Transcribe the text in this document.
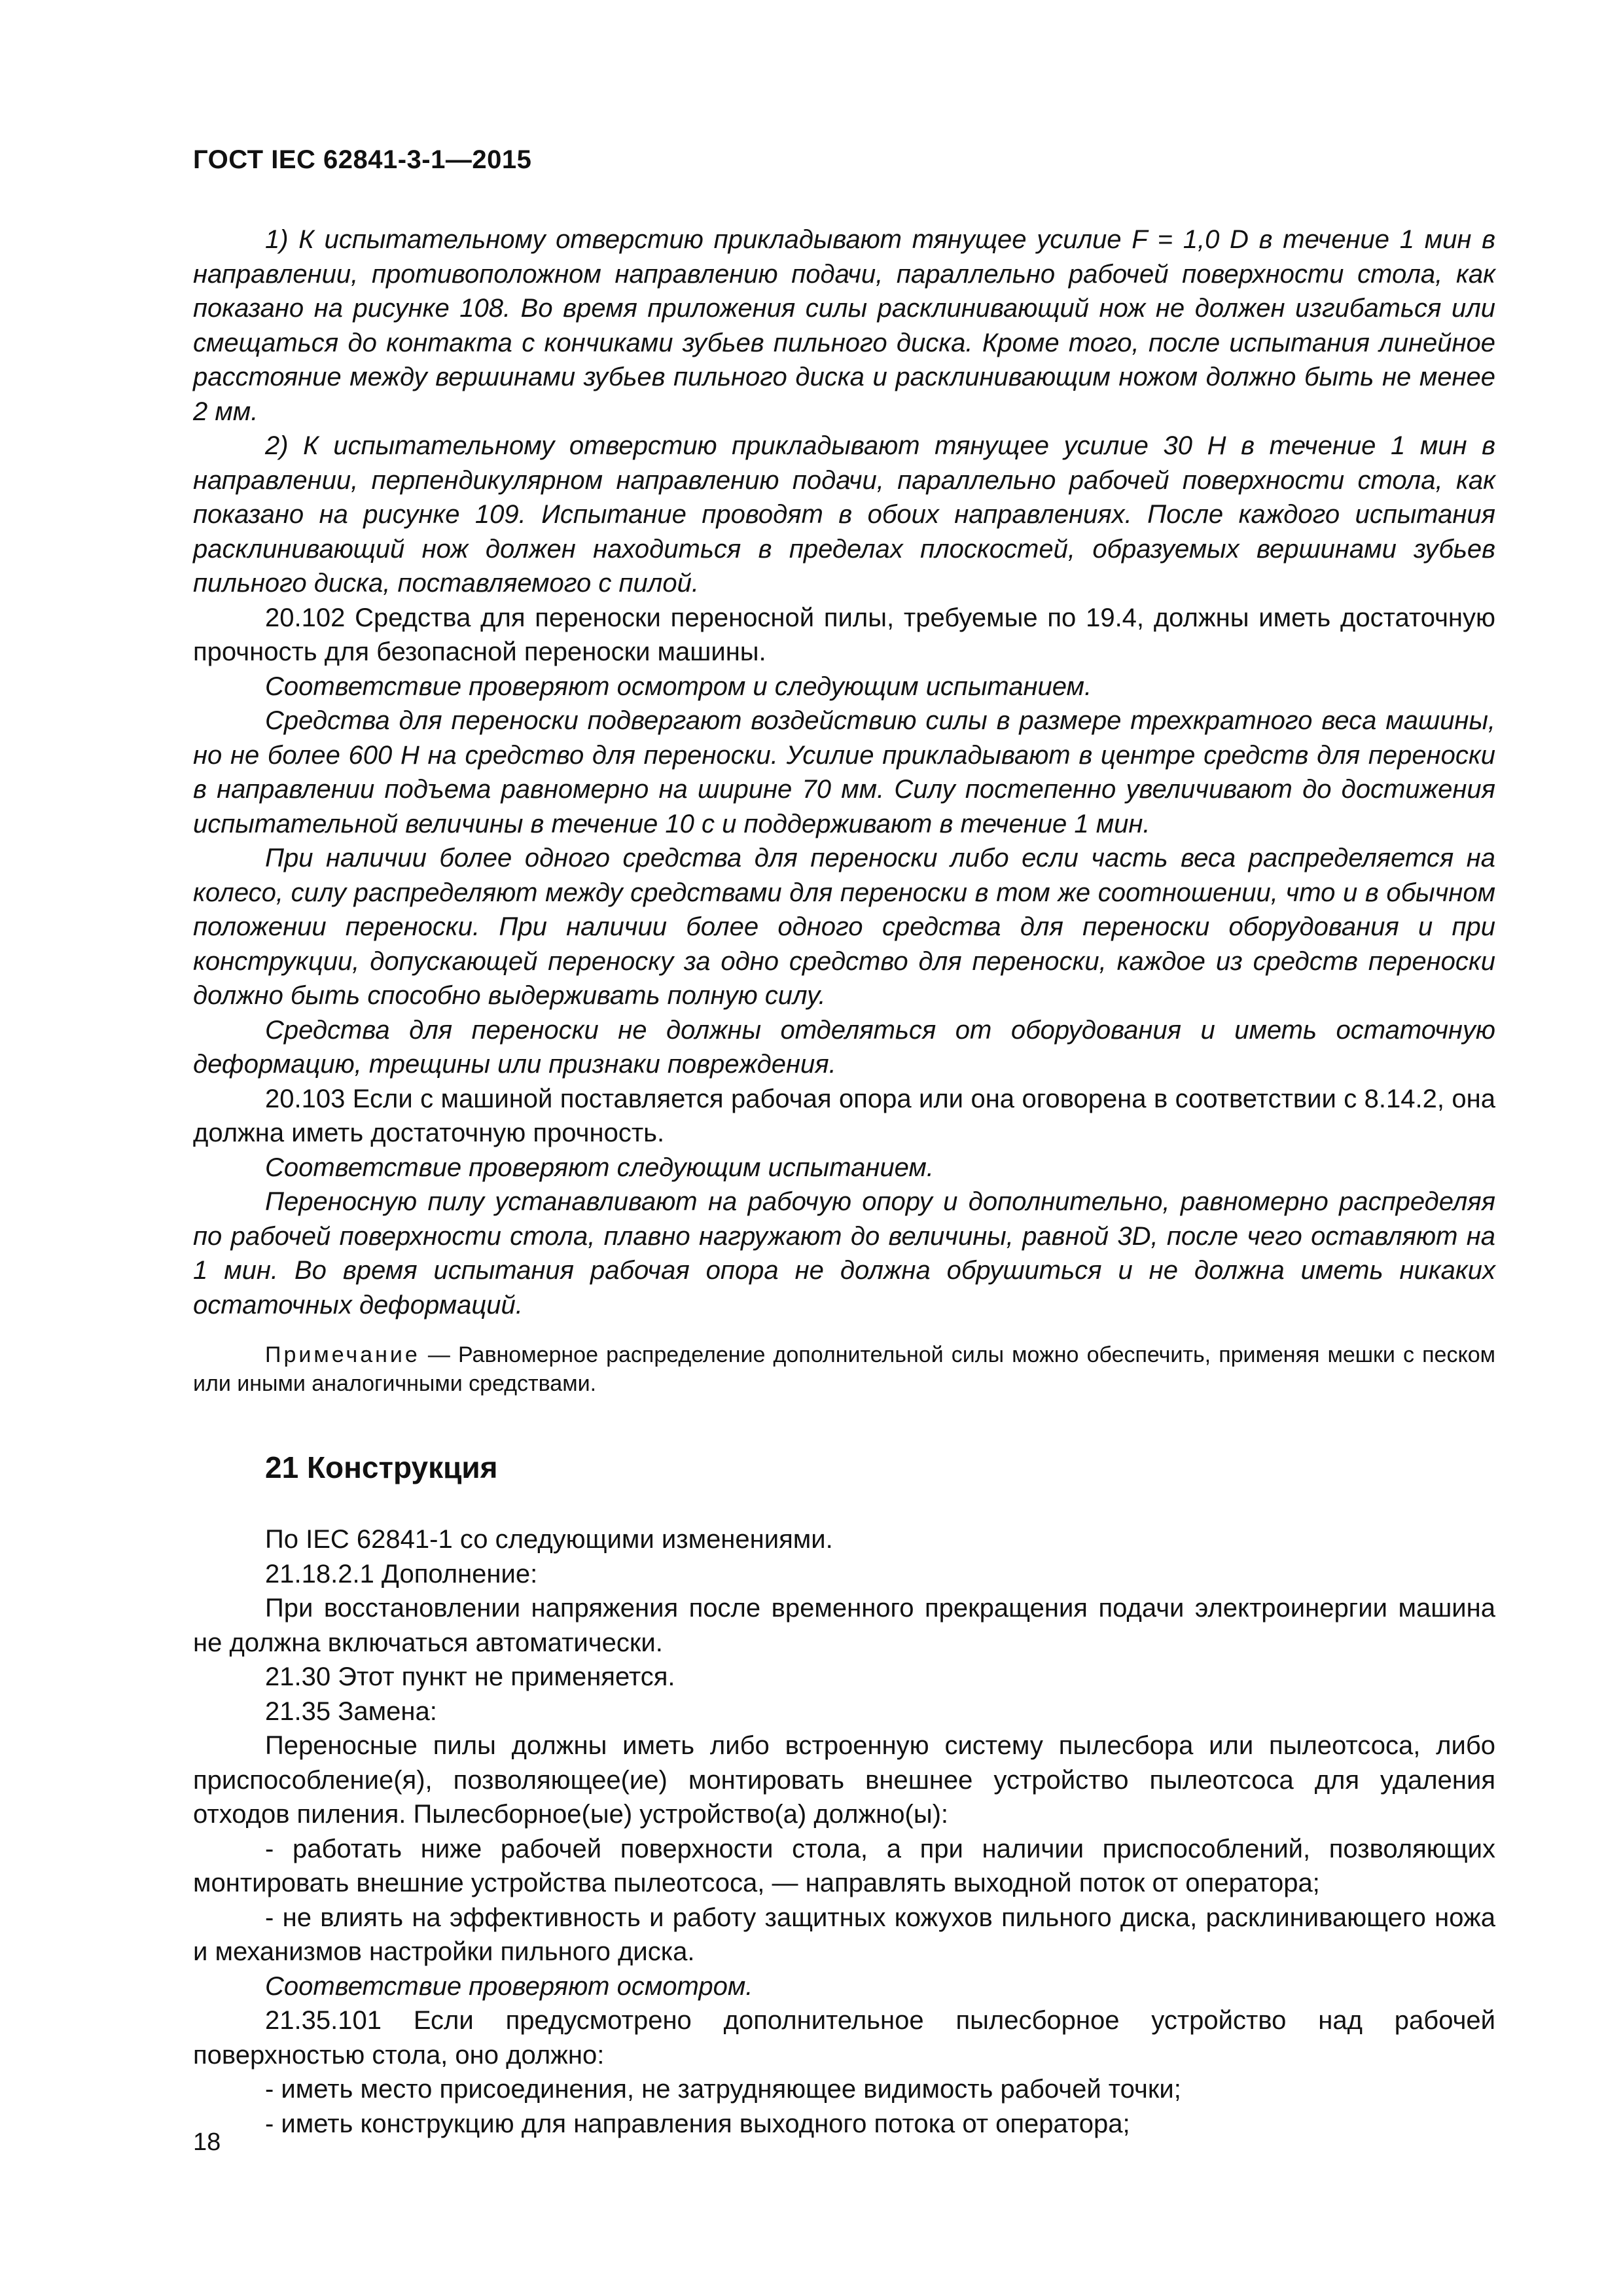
ГОСТ IEC 62841-3-1—2015

1) К испытательному отверстию прикладывают тянущее усилие F = 1,0 D в течение 1 мин в направлении, противоположном направлению подачи, параллельно рабочей поверхности стола, как показано на рисунке 108. Во время приложения силы расклинивающий нож не должен изгибаться или смещаться до контакта с кончиками зубьев пильного диска. Кроме того, после испытания линейное расстояние между вершинами зубьев пильного диска и расклинивающим ножом должно быть не менее 2 мм.

2) К испытательному отверстию прикладывают тянущее усилие 30 Н в течение 1 мин в направлении, перпендикулярном направлению подачи, параллельно рабочей поверхности стола, как показано на рисунке 109. Испытание проводят в обоих направлениях. После каждого испытания расклинивающий нож должен находиться в пределах плоскостей, образуемых вершинами зубьев пильного диска, поставляемого с пилой.

20.102 Средства для переноски переносной пилы, требуемые по 19.4, должны иметь достаточную прочность для безопасной переноски машины.

Соответствие проверяют осмотром и следующим испытанием.

Средства для переноски подвергают воздействию силы в размере трехкратного веса машины, но не более 600 Н на средство для переноски. Усилие прикладывают в центре средств для переноски в направлении подъема равномерно на ширине 70 мм. Силу постепенно увеличивают до достижения испытательной величины в течение 10 с и поддерживают в течение 1 мин.

При наличии более одного средства для переноски либо если часть веса распределяется на колесо, силу распределяют между средствами для переноски в том же соотношении, что и в обычном положении переноски. При наличии более одного средства для переноски оборудования и при конструкции, допускающей переноску за одно средство для переноски, каждое из средств переноски должно быть способно выдерживать полную силу.

Средства для переноски не должны отделяться от оборудования и иметь остаточную деформацию, трещины или признаки повреждения.

20.103 Если с машиной поставляется рабочая опора или она оговорена в соответствии с 8.14.2, она должна иметь достаточную прочность.

Соответствие проверяют следующим испытанием.

Переносную пилу устанавливают на рабочую опору и дополнительно, равномерно распределяя по рабочей поверхности стола, плавно нагружают до величины, равной 3D, после чего оставляют на 1 мин. Во время испытания рабочая опора не должна обрушиться и не должна иметь никаких остаточных деформаций.

Примечание — Равномерное распределение дополнительной силы можно обеспечить, применяя мешки с песком или иными аналогичными средствами.

21 Конструкция

По IEC 62841-1 со следующими изменениями.

21.18.2.1 Дополнение:

При восстановлении напряжения после временного прекращения подачи электроинергии машина не должна включаться автоматически.

21.30 Этот пункт не применяется.

21.35 Замена:

Переносные пилы должны иметь либо встроенную систему пылесбора или пылеотсоса, либо приспособление(я), позволяющее(ие) монтировать внешнее устройство пылеотсоса для удаления отходов пиления. Пылесборное(ые) устройство(а) должно(ы):

- работать ниже рабочей поверхности стола, а при наличии приспособлений, позволяющих монтировать внешние устройства пылеотсоса, — направлять выходной поток от оператора;

- не влиять на эффективность и работу защитных кожухов пильного диска, расклинивающего ножа и механизмов настройки пильного диска.

Соответствие проверяют осмотром.

21.35.101 Если предусмотрено дополнительное пылесборное устройство над рабочей поверхностью стола, оно должно:

- иметь место присоединения, не затрудняющее видимость рабочей точки;

- иметь конструкцию для направления выходного потока от оператора;

18
